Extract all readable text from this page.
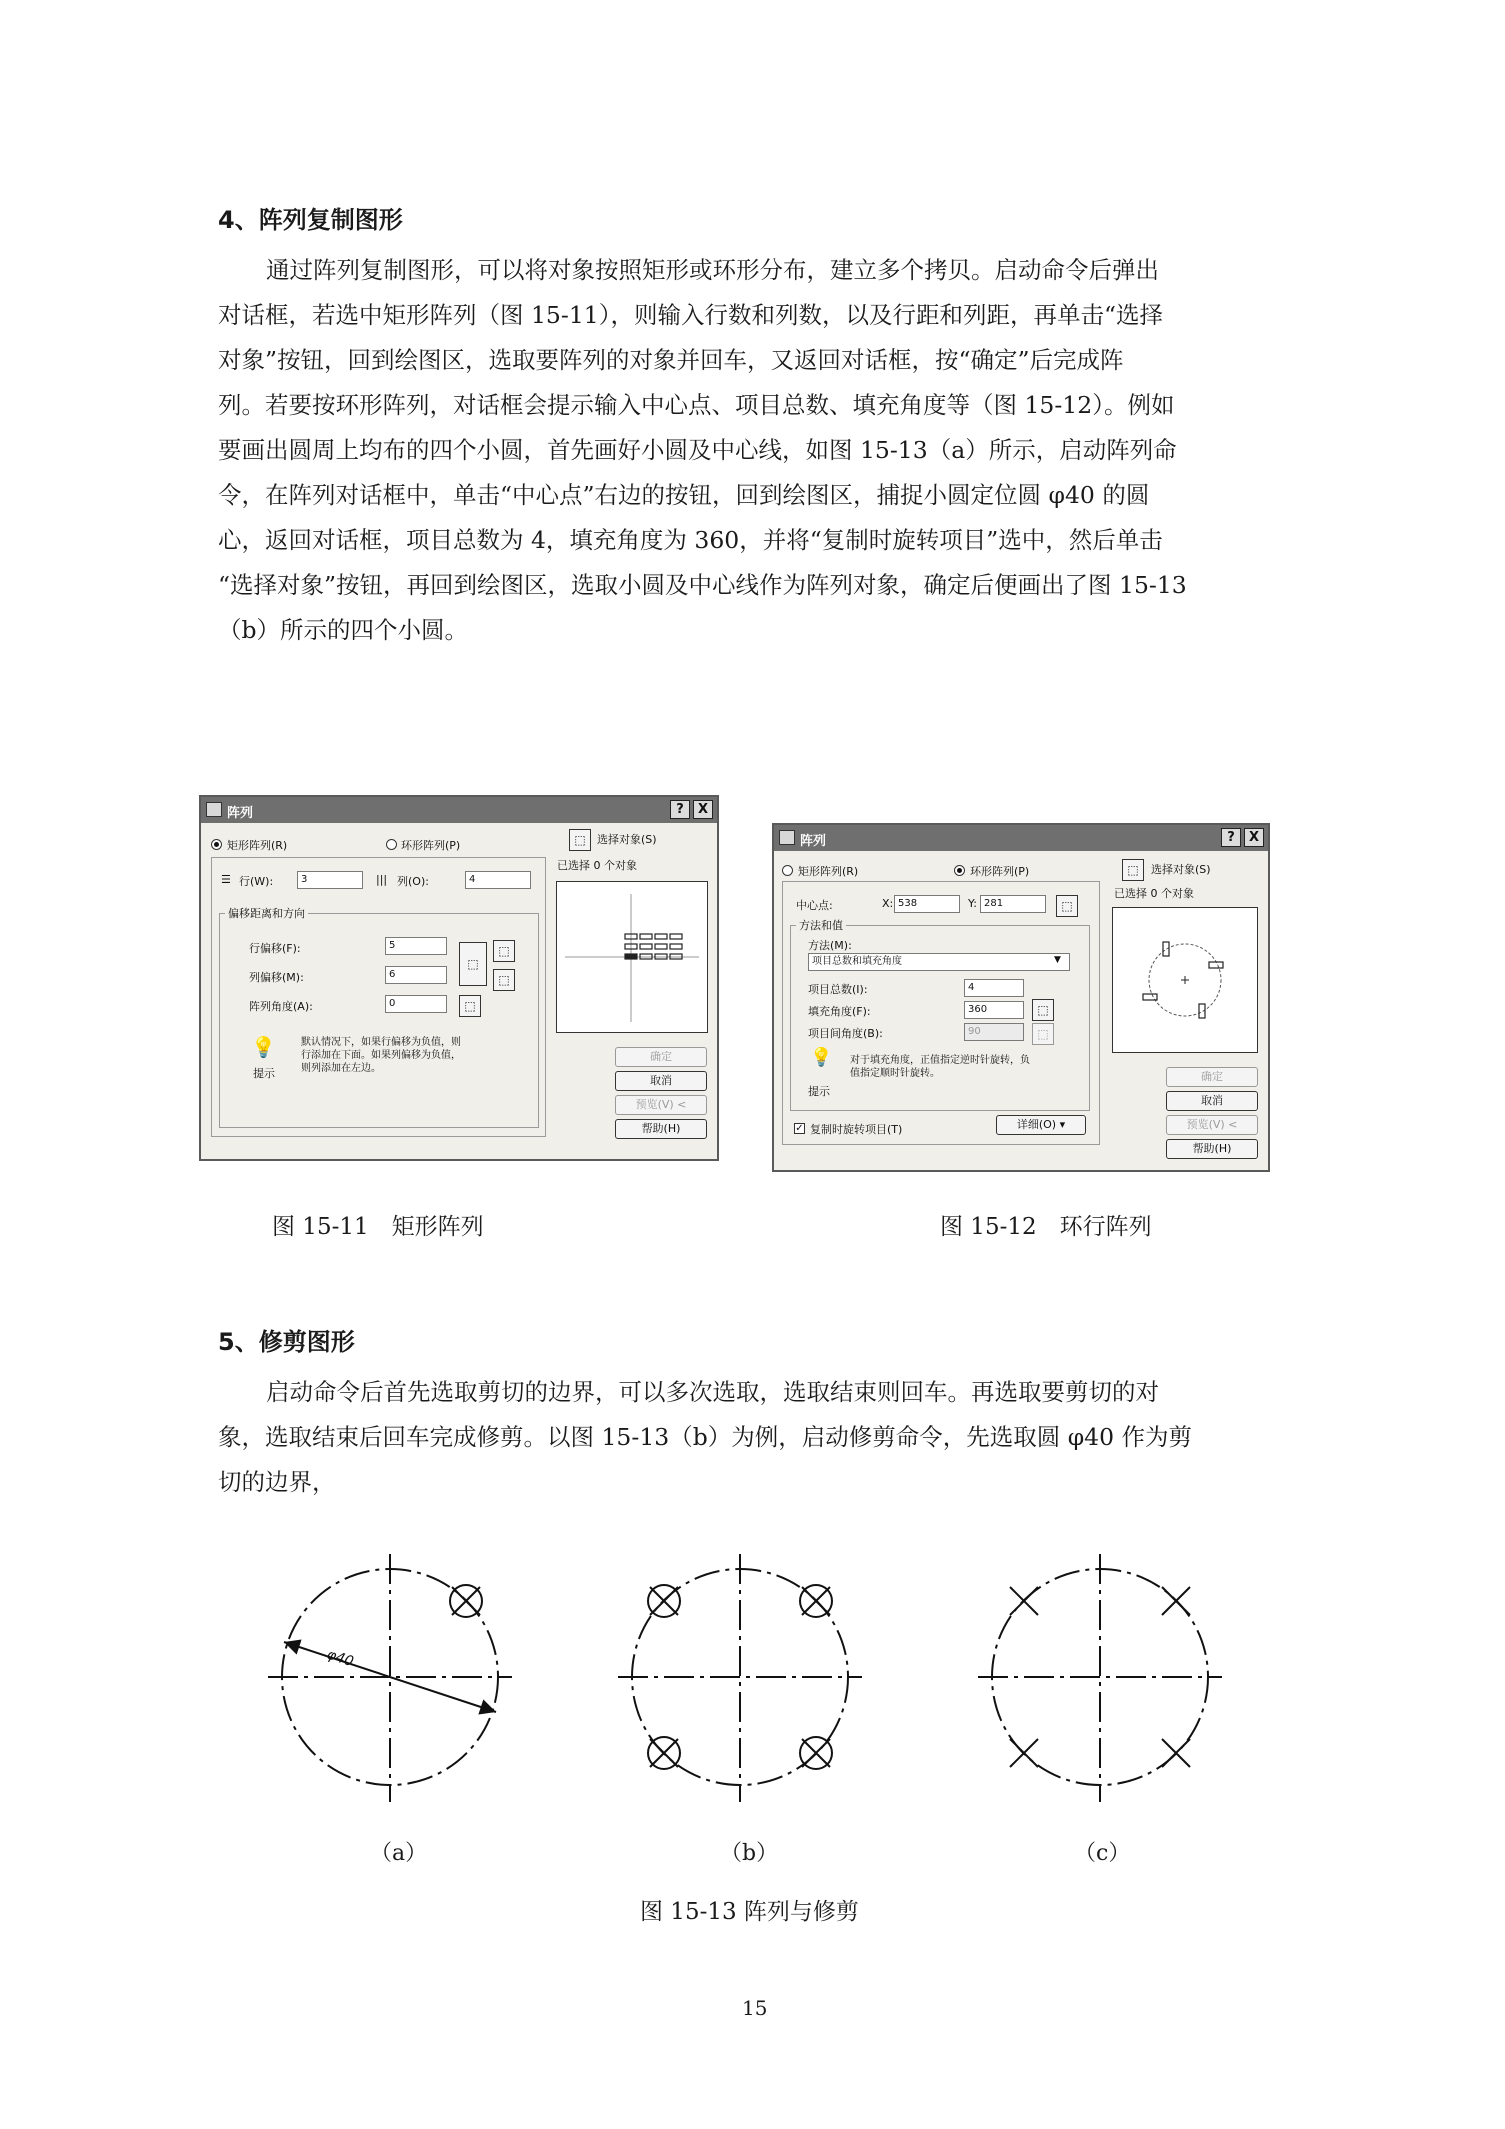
4、阵列复制图形
通过阵列复制图形，可以将对象按照矩形或环形分布，建立多个拷贝。启动命令后弹出
对话框，若选中矩形阵列（图 15-11），则输入行数和列数，以及行距和列距，再单击“选择
对象”按钮，回到绘图区，选取要阵列的对象并回车，又返回对话框，按“确定”后完成阵
列。若要按环形阵列，对话框会提示输入中心点、项目总数、填充角度等（图 15-12）。例如
要画出圆周上均布的四个小圆，首先画好小圆及中心线，如图 15-13（a）所示，启动阵列命
令，在阵列对话框中，单击“中心点”右边的按钮，回到绘图区，捕捉小圆定位圆 φ40 的圆
心，返回对话框，项目总数为 4，填充角度为 360，并将“复制时旋转项目”选中，然后单击
“选择对象”按钮，再回到绘图区，选取小圆及中心线作为阵列对象，确定后便画出了图 15-13
（b）所示的四个小圆。
阵列	?	X
矩形阵列(R)	环形阵列(P)	⬚	选择对象(S)
已选择 0 个对象
☰ 行(W):	3	||| 列(O):	4
偏移距离和方向
行偏移(F):	5
列偏移(M):	6
阵列角度(A):	0
⬚
⬚
⬚
⬚
💡
提示
默认情况下，如果行偏移为负值，则
行添加在下面。如果列偏移为负值，
则列添加在左边。
确定
取消
预览(V) <
帮助(H)
阵列	?	X
矩形阵列(R)	环形阵列(P)	⬚	选择对象(S)
已选择 0 个对象
中心点:	X: 538	Y: 281	⬚
方法和值
方法(M):
项目总数和填充角度	▼
项目总数(I):	4
填充角度(F):	360	⬚
项目间角度(B):	90	⬚
💡
提示
对于填充角度，正值指定逆时针旋转，负
值指定顺时针旋转。
✓ 复制时旋转项目(T)	详细(O) ▾
确定
取消
预览(V) <
帮助(H)
图 15-11　矩形阵列	图 15-12　环行阵列
5、修剪图形
启动命令后首先选取剪切的边界，可以多次选取，选取结束则回车。再选取要剪切的对
象，选取结束后回车完成修剪。以图 15-13（b）为例，启动修剪命令，先选取圆 φ40 作为剪
切的边界，
φ40
（a）	（b）	（c）
图 15-13 阵列与修剪
15
